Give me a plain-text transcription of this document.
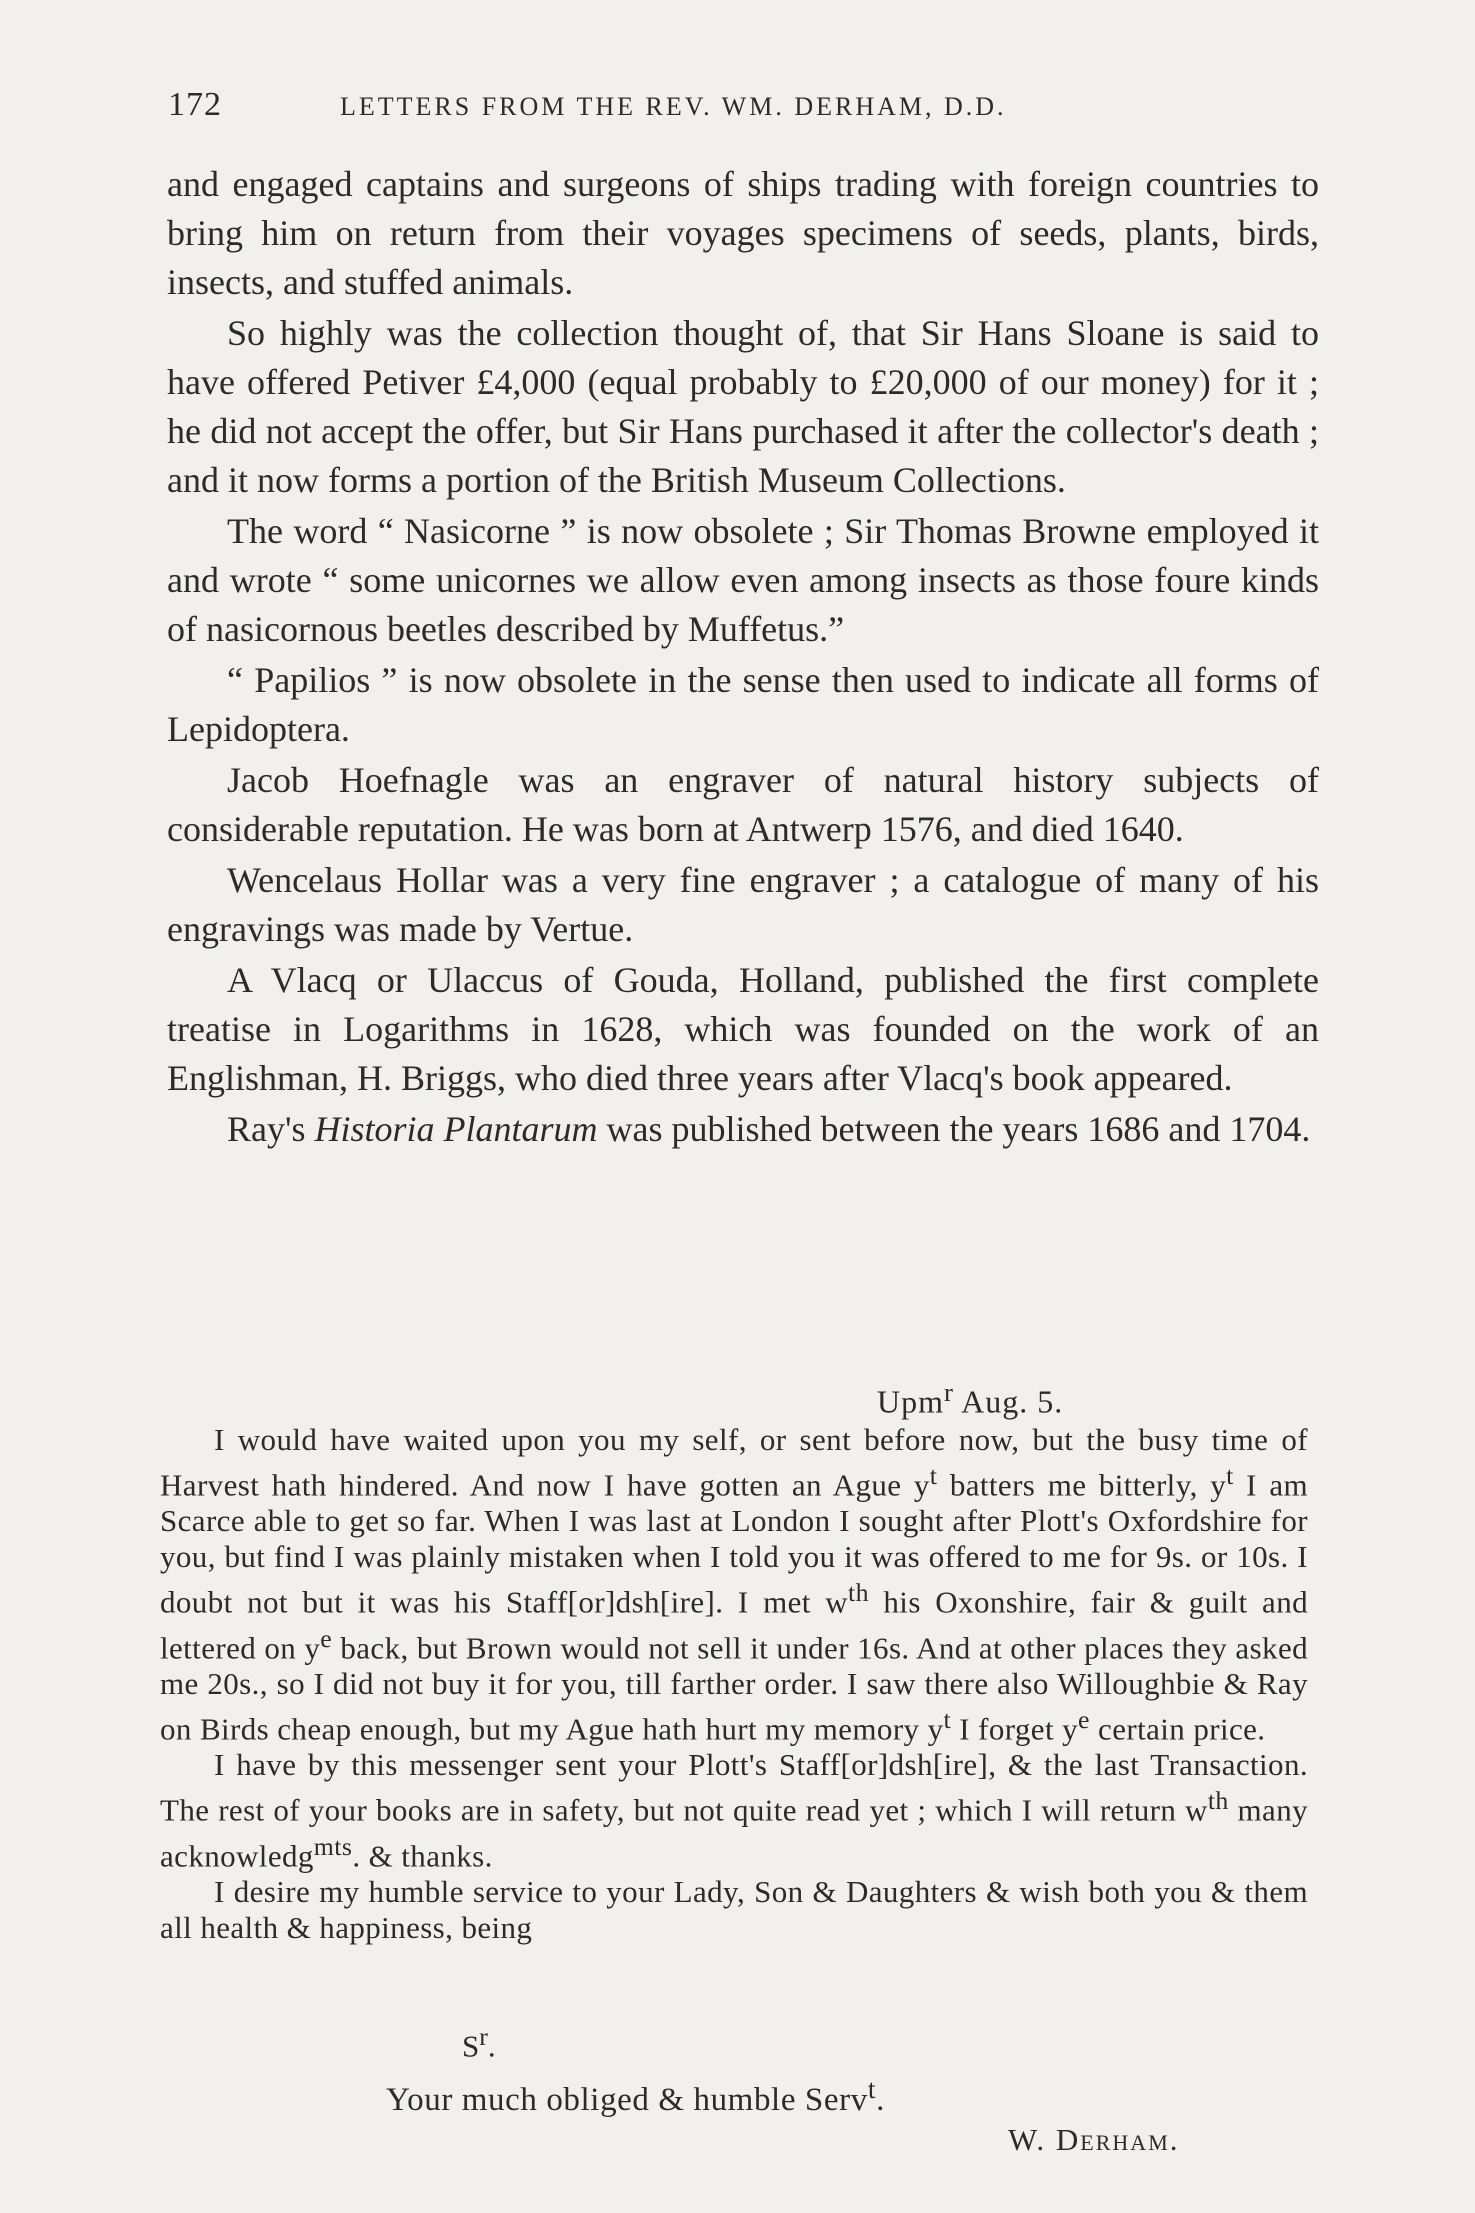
172	LETTERS FROM THE REV. WM. DERHAM, D.D.

and engaged captains and surgeons of ships trading with foreign countries to bring him on return from their voyages specimens of seeds, plants, birds, insects, and stuffed animals.

So highly was the collection thought of, that Sir Hans Sloane is said to have offered Petiver £4,000 (equal probably to £20,000 of our money) for it ; he did not accept the offer, but Sir Hans purchased it after the collector's death ; and it now forms a portion of the British Museum Collections.

The word “ Nasicorne ” is now obsolete ; Sir Thomas Browne employed it and wrote “ some unicornes we allow even among insects as those foure kinds of nasicornous beetles described by Muffetus.”

“ Papilios ” is now obsolete in the sense then used to indicate all forms of Lepidoptera.

Jacob Hoefnagle was an engraver of natural history subjects of considerable reputation. He was born at Antwerp 1576, and died 1640.

Wencelaus Hollar was a very fine engraver ; a catalogue of many of his engravings was made by Vertue.

A Vlacq or Ulaccus of Gouda, Holland, published the first complete treatise in Logarithms in 1628, which was founded on the work of an Englishman, H. Briggs, who died three years after Vlacq's book appeared.

Ray's Historia Plantarum was published between the years 1686 and 1704.

Upm$^r$ Aug. 5.

I would have waited upon you my self, or sent before now, but the busy time of Harvest hath hindered. And now I have gotten an Ague $y^t$ batters me bitterly, $y^t$ I am Scarce able to get so far. When I was last at London I sought after Plott's Oxfordshire for you, but find I was plainly mistaken when I told you it was offered to me for 9s. or 10s. I doubt not but it was his Staff[or]dsh[ire]. I met $w^{th}$ his Oxonshire, fair & guilt and lettered on $y^e$ back, but Brown would not sell it under 16s. And at other places they asked me 20s., so I did not buy it for you, till farther order. I saw there also Willoughbie & Ray on Birds cheap enough, but my Ague hath hurt my memory $y^t$ I forget $y^e$ certain price.

I have by this messenger sent your Plott's Staff[or]dsh[ire], & the last Transaction. The rest of your books are in safety, but not quite read yet ; which I will return $w^{th}$ many acknowledg$^{mts}$. & thanks.

I desire my humble service to your Lady, Son & Daughters & wish both you & them all health & happiness, being

$S^r$.
Your much obliged & humble Serv$^t$.
W. Derham.
